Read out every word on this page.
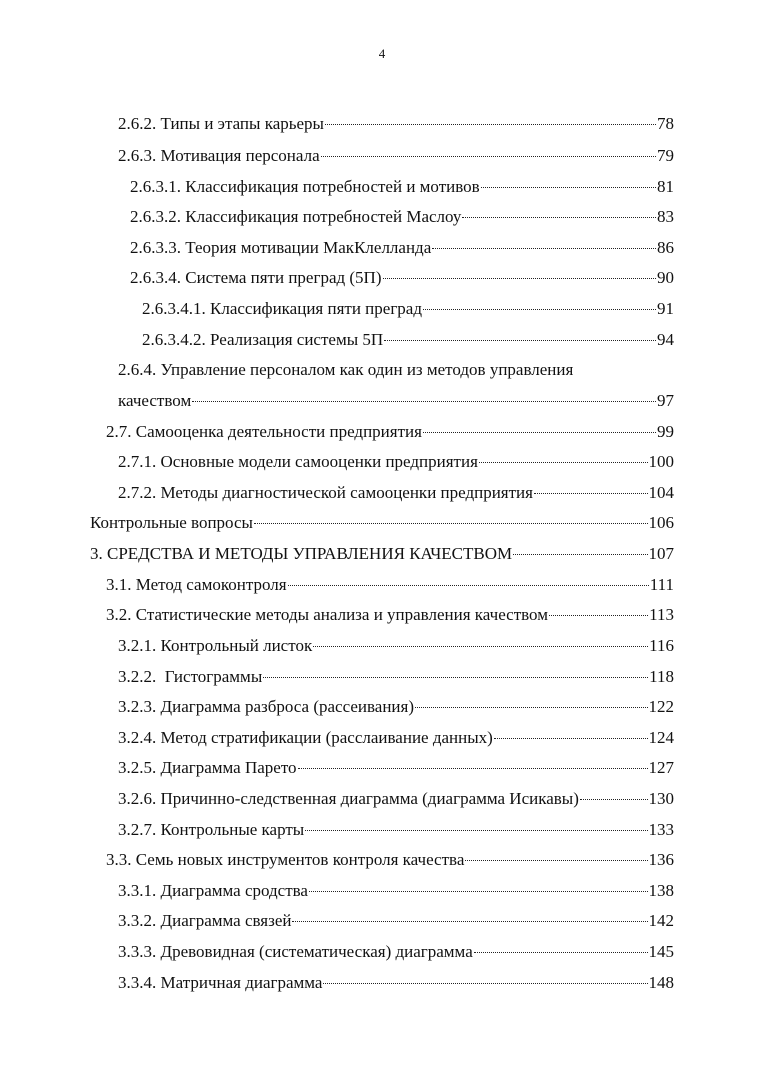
4
2.6.2. Типы и этапы карьеры	78
2.6.3. Мотивация персонала	79
2.6.3.1. Классификация потребностей и мотивов	81
2.6.3.2. Классификация потребностей Маслоу	83
2.6.3.3. Теория мотивации МакКлелланда	86
2.6.3.4. Система пяти преград (5П)	90
2.6.3.4.1. Классификация пяти преград	91
2.6.3.4.2. Реализация системы 5П	94
2.6.4. Управление персоналом как один из методов управления
качеством	97
2.7. Самооценка деятельности предприятия	99
2.7.1. Основные модели самооценки предприятия	100
2.7.2. Методы диагностической самооценки предприятия	104
Контрольные вопросы	106
3. СРЕДСТВА И МЕТОДЫ УПРАВЛЕНИЯ КАЧЕСТВОМ	107
3.1. Метод самоконтроля	111
3.2. Статистические методы анализа и управления качеством	113
3.2.1. Контрольный листок	116
3.2.2.  Гистограммы	118
3.2.3. Диаграмма разброса (рассеивания)	122
3.2.4. Метод стратификации (расслаивание данных)	124
3.2.5. Диаграмма Парето	127
3.2.6. Причинно-следственная диаграмма (диаграмма Исикавы)	130
3.2.7. Контрольные карты	133
3.3. Семь новых инструментов контроля качества	136
3.3.1. Диаграмма сродства	138
3.3.2. Диаграмма связей	142
3.3.3. Древовидная (систематическая) диаграмма	145
3.3.4. Матричная диаграмма	148
